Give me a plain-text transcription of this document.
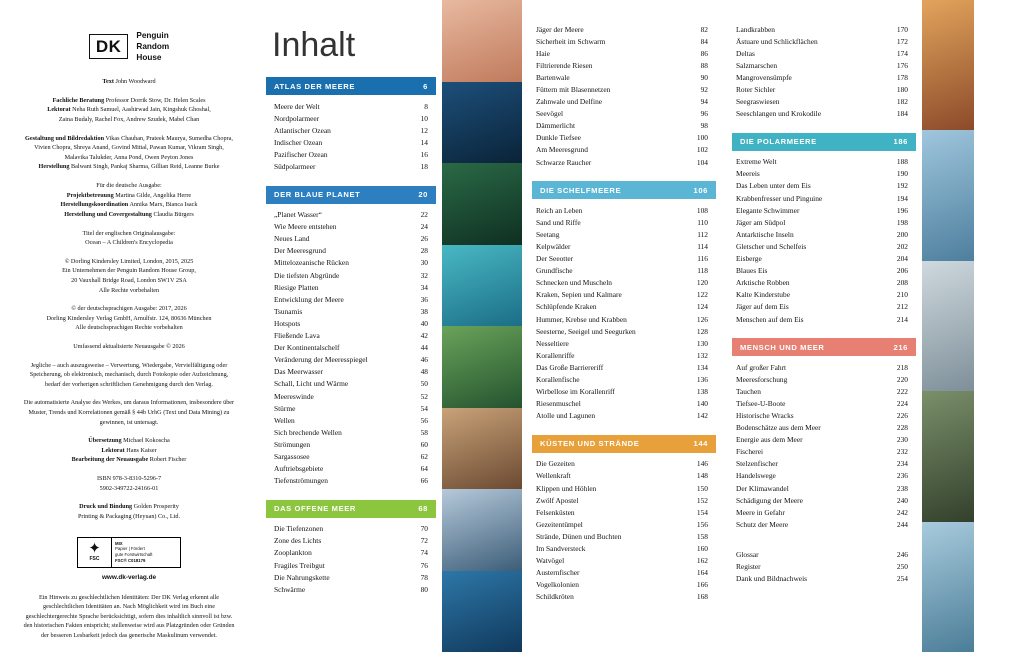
DK
Penguin
Random
House
Text John Woodward
Fachliche Beratung Professor Dorrik Stow, Dr. Helen Scales
Lektorat Neha Ruth Samuel, Aashirwad Jain, Kingshuk Ghoshal,
Zaina Budaly, Rachel Fox, Andrew Szudek, Mabel Chan
Gestaltung und Bildredaktion Vikas Chauhan, Prateek Maurya, Sumedha Chopra, Vivien Chopra, Shreya Anand, Govind Mittal, Pawan Kumar, Vikram Singh, Malavika Talukder, Anna Pond, Owen Peyton Jones
Herstellung Balwant Singh, Pankaj Sharma, Gillian Reid, Leanne Burke
Für die deutsche Ausgabe:
Projektbetreuung Martina Gilde, Angelika Herre
Herstellungskoordination Annika Marx, Bianca Isack
Herstellung und Covergestaltung Claudia Bürgers
Titel der englischen Originalausgabe:
Ocean – A Children's Encyclopedia
© Dorling Kindersley Limited, London, 2015, 2025
Ein Unternehmen der Penguin Random House Group,
20 Vauxhall Bridge Road, London SW1V 2SA
Alle Rechte vorbehalten
© der deutschsprachigen Ausgabe: 2017, 2026
Dorling Kindersley Verlag GmbH, Arnulfstr. 124, 80636 München
Alle deutschsprachigen Rechte vorbehalten
Umfassend aktualisierte Neuausgabe © 2026
Jegliche – auch auszugsweise – Verwertung, Wiedergabe, Vervielfältigung oder Speicherung, ob elektronisch, mechanisch, durch Fotokopie oder Aufzeichnung, bedarf der vorherigen schriftlichen Genehmigung durch den Verlag.
Die automatisierte Analyse des Werkes, um daraus Informationen, insbesondere über Muster, Trends und Korrelationen gemäß § 44b UrhG (Text und Data Mining) zu gewinnen, ist untersagt.
Übersetzung Michael Kokoscha
Lektorat Hans Kaiser
Bearbeitung der Neuausgabe Robert Fischer
ISBN 978-3-8310-5296-7
5902-349722-24166-01
Druck und Bindung Golden Prosperity
Printing & Packaging (Heyuan) Co., Ltd.
✦
FSC
MIX
Papier | Fördert
gute Forstwirtschaft
FSC® C018179
www.dk-verlag.de
Ein Hinweis zu geschlechtlichen Identitäten: Der DK Verlag erkennt alle geschlechtlichen Identitäten an. Nach Möglichkeit wird im Buch eine geschlechtergerechte Sprache berücksichtigt, sofern dies inhaltlich sinnvoll ist bzw. den historischen Fakten entspricht; stellenweise wird aus Platzgründen oder Gründen der besseren Lesbarkeit jedoch das generische Maskulinum verwendet.
Inhalt
ATLAS DER MEERE	6
Meere der Welt	8
Nordpolarmeer	10
Atlantischer Ozean	12
Indischer Ozean	14
Pazifischer Ozean	16
Südpolarmeer	18
DER BLAUE PLANET	20
„Planet Wasser“	22
Wie Meere entstehen	24
Neues Land	26
Der Meeresgrund	28
Mittelozeanische Rücken	30
Die tiefsten Abgründe	32
Riesige Platten	34
Entwicklung der Meere	36
Tsunamis	38
Hotspots	40
Fließende Lava	42
Der Kontinentalschelf	44
Veränderung der Meeresspiegel	46
Das Meerwasser	48
Schall, Licht und Wärme	50
Meereswinde	52
Stürme	54
Wellen	56
Sich brechende Wellen	58
Strömungen	60
Sargassosee	62
Auftriebsgebiete	64
Tiefenströmungen	66
DAS OFFENE MEER	68
Die Tiefenzonen	70
Zone des Lichts	72
Zooplankton	74
Fragiles Treibgut	76
Die Nahrungskette	78
Schwärme	80
Jäger der Meere	82
Sicherheit im Schwarm	84
Haie	86
Filtrierende Riesen	88
Bartenwale	90
Füttern mit Blasennetzen	92
Zahnwale und Delfine	94
Seevögel	96
Dämmerlicht	98
Dunkle Tiefsee	100
Am Meeresgrund	102
Schwarze Raucher	104
DIE SCHELFMEERE	106
Reich an Leben	108
Sand und Riffe	110
Seetang	112
Kelpwälder	114
Der Seeotter	116
Grundfische	118
Schnecken und Muscheln	120
Kraken, Sepien und Kalmare	122
Schlüpfende Kraken	124
Hummer, Krebse und Krabben	126
Seesterne, Seeigel und Seegurken	128
Nesseltiere	130
Korallenriffe	132
Das Große Barriereriff	134
Korallenfische	136
Wirbellose im Korallenriff	138
Riesenmuschel	140
Atolle und Lagunen	142
KÜSTEN UND STRÄNDE	144
Die Gezeiten	146
Wellenkraft	148
Klippen und Höhlen	150
Zwölf Apostel	152
Felsenküsten	154
Gezeitentümpel	156
Strände, Dünen und Buchten	158
Im Sandversteck	160
Watvögel	162
Austernfischer	164
Vogelkolonien	166
Schildkröten	168
Landkrabben	170
Ästuare und Schlickflächen	172
Deltas	174
Salzmarschen	176
Mangrovensümpfe	178
Roter Sichler	180
Seegraswiesen	182
Seeschlangen und Krokodile	184
DIE POLARMEERE	186
Extreme Welt	188
Meereis	190
Das Leben unter dem Eis	192
Krabbenfresser und Pinguine	194
Elegante Schwimmer	196
Jäger am Südpol	198
Antarktische Inseln	200
Gletscher und Schelfeis	202
Eisberge	204
Blaues Eis	206
Arktische Robben	208
Kalte Kinderstube	210
Jäger auf dem Eis	212
Menschen auf dem Eis	214
MENSCH UND MEER	216
Auf großer Fahrt	218
Meeresforschung	220
Tauchen	222
Tiefsee-U-Boote	224
Historische Wracks	226
Bodenschätze aus dem Meer	228
Energie aus dem Meer	230
Fischerei	232
Stelzenfischer	234
Handelswege	236
Der Klimawandel	238
Schädigung der Meere	240
Meere in Gefahr	242
Schutz der Meere	244
Glossar	246
Register	250
Dank und Bildnachweis	254
